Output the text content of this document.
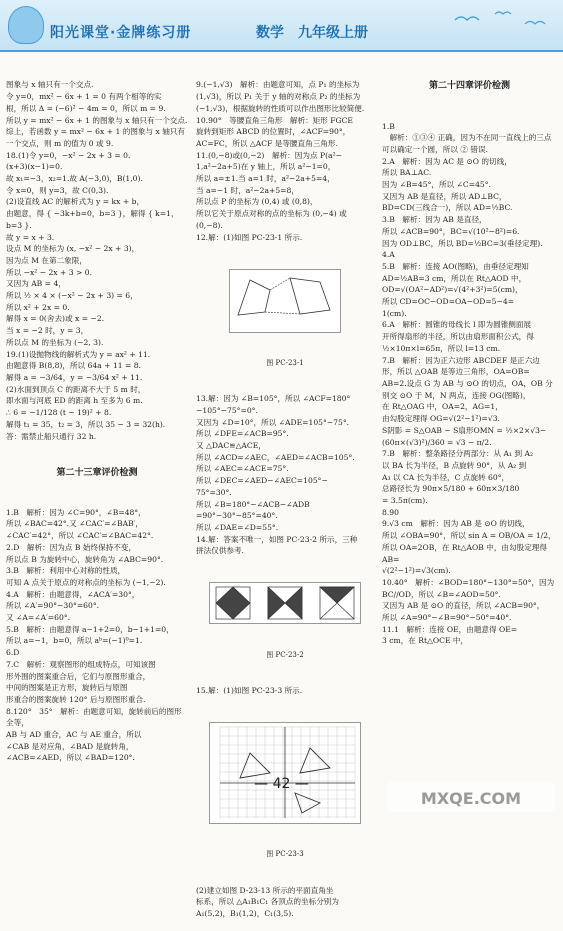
阳光课堂·金牌练习册	数学 九年级上册

图象与 x 轴只有一个交点.
令 y=0，mx² − 6x + 1 = 0 有两个相等的实
根，所以 Δ = (−6)² − 4m = 0，所以 m = 9.
所以 y = mx² − 6x + 1 的图象与 x 轴只有一个交点.
综上，若函数 y = mx² − 6x + 1 的图象与 x 轴只有
一个交点，则 m 的值为 0 或 9.
18.(1)令 y=0，−x² − 2x + 3 = 0.
(x+3)(x−1)=0.
故 x₁=−3，x₂=1.故 A(−3,0)，B(1,0).
令 x=0，则 y=3，故 C(0,3).
(2)设直线 AC 的解析式为 y = kx + b，
由题意，得 { −3k+b=0，b=3 }，解得 { k=1，b=3 }.
故 y = x + 3.
设点 M 的坐标为 (x, −x² − 2x + 3)，
因为点 M 在第二象限，
所以 −x² − 2x + 3 > 0.
又因为 AB = 4，
所以 ½ × 4 × (−x² − 2x + 3) = 6，
所以 x² + 2x = 0.
解得 x = 0(舍去)或 x = −2.
当 x = −2 时，y = 3，
所以点 M 的坐标为 (−2, 3).
19.(1)设抛物线的解析式为 y = ax² + 11.
由题意得 B(8,8)，所以 64a + 11 = 8.
解得 a = −3/64，y = −3/64 x² + 11.
(2)水面到顶点 C 的距离不大于 5 m 时，
即水面与河底 ED 的距离 h 至多为 6 m.
∴ 6 = −1/128 (t − 19)² + 8.
解得 t₁ = 35，t₂ = 3，所以 35 − 3 = 32(h).
答：需禁止船只通行 32 h.

第二十三章评价检测

1.B　解析：因为 ∠C=90°，∠B=48°，
所以 ∠BAC=42°.又 ∠CAC′=∠BAB′，
∠CAC′=42°，所以 ∠CAC′=∠BAC=42°.
2.D　解析：因为点 B 始终保持不变，
所以点 B 为旋转中心，旋转角为 ∠ABC=90°.
3.B　解析：利用中心对称的性质，
可知 A 点关于原点的对称点的坐标为 (−1,−2).
4.A　解析：由题意得，∠ACA′=30°，
所以 ∠A′=90°−30°=60°.
又 ∠A=∠A′=60°.
5.B　解析：由题意得 a−1+2=0，b−1+1=0，
所以 a=−1，b=0，所以 aᵇ=(−1)⁰=1.
6.D
7.C　解析：观察图形的组成特点，可知该图
形外围的图案重合后，它们与原图形重合，
中间的图案是正方形，旋转后与原图
形重合的图案旋转 120° 后与原图形重合.
8.120°　35°　解析：由题意可知，旋转前后的图形全等，
AB 与 AD 重合，AC 与 AE 重合，所以
∠CAB 是对应角，∠BAD 是旋转角，
∠ACB=∠AED，所以 ∠BAD=120°.

9.(−1,√3)　解析：由题意可知，点 P₁ 的坐标为
(1,√3)，所以 P₁ 关于 y 轴的对称点 P₂ 的坐标为
(−1,√3)，根据旋转的性质可以作出图形比较简便.
10.90°　等腰直角三角形　解析：矩形 FGCE
旋转到矩形 ABCD 的位置时，∠ACF=90°，
AC=FC，所以 △ACF 是等腰直角三角形.
11.(0,−8)或(0,−2)　解析：因为点 P(a²−
1,a²−2a+5)在 y 轴上，所以 a²−1=0，
所以 a=±1.当 a=1 时，a²−2a+5=4，
当 a=−1 时，a²−2a+5=8，
所以点 P 的坐标为 (0,4) 或 (0,8)，
所以它关于原点对称的点的坐标为 (0,−4) 或 (0,−8).
12.解：(1)如图 PC-23-1 所示.

图 PC-23-1

13.解：因为 ∠B=105°，所以 ∠ACF=180°
−105°−75°=0°.
又因为 ∠D=10°，所以 ∠ADE=105°−75°.
所以 ∠DFE=∠ACB=95°.
又 △DAC≌△ACE，
所以 ∠ACD=∠AEC，∠AED=∠ACB=105°.
所以 ∠AEC=∠ACE=75°.
所以 ∠DEC=∠AED−∠AEC=105°−
75°=30°.
所以 ∠B=180°−∠ACB−∠ADB
=90°−30°−85°=40°.
所以 ∠DAE=∠D=55°.
14.解：答案不唯一，如图 PC-23-2 所示，三种
拼法仅供参考.

图 PC-23-2

15.解：(1)如图 PC-23-3 所示.

图 PC-23-3

(2)建立如图 D-23-13 所示的平面直角坐
标系，所以 △A₁B₁C₁ 各顶点的坐标分别为
A₁(5,2)，B₁(1,2)，C₁(3,5).

第二十四章评价检测

1.B
　解析：①③④ 正确，因为不在同一直线上的三点
可以确定一个圆，所以 ② 错误.
2.A　解析：因为 AC 是 ⊙O 的切线，
所以 BA⊥AC.
因为 ∠B=45°，所以 ∠C=45°.
又因为 AB 是直径，所以 AD⊥BC，
BD=CD(三线合一)，所以 AD=½BC.
3.B　解析：因为 AB 是直径，
所以 ∠ACB=90°，BC=√(10²−8²)=6.
因为 OD⊥BC，所以 BD=½BC=3(垂径定理).
4.A
5.B　解析：连接 AO(图略)，由垂径定理知
AD=½AB=3 cm，所以在 Rt△AOD 中，
OD=√(OA²−AD²)=√(4²+3²)=5(cm)，
所以 CD=OC−OD=OA−OD=5−4=
1(cm).
6.A　解析：圆锥的母线长 l 即为圆锥侧面展
开所得扇形的半径，所以由扇形面积公式，得
½×10π×l=65π，所以 l=13 cm.
7.B　解析：因为正六边形 ABCDEF 是正六边
形，所以 △OAB 是等边三角形，OA=OB=
AB=2.设点 G 为 AB 与 ⊙O 的切点，OA，OB 分
别交 ⊙O 于 M，N 两点，连接 OG(图略)，
在 Rt△OAG 中，OA=2，AG=1，
由勾股定理得 OG=√(2²−1²)=√3.
S阴影 = S△OAB − S扇形OMN = ½×2×√3−
(60π×(√3)²)/360 = √3 − π/2.
7.B　解析：整条路径分两部分：从 A₁ 到 A₂
以 BA 长为半径，B 点旋转 90°，从 A₂ 到
A₃ 以 CA 长为半径，C 点旋转 60°，
总路径长为 90π×5/180 + 60π×3/180
= 3.5π(cm).
8.90
9.√3 cm　解析：因为 AB 是 ⊙O 的切线，
所以 ∠OBA=90°，所以 sin A = OB/OA = 1/2，
所以 OA=2OB，在 Rt△AOB 中，由勾股定理得 AB=
√(2²−1²)=√3(cm).
10.40°　解析：∠BOD=180°−130°=50°，因为
BC//OD，所以 ∠B=∠AOD=50°.
又因为 AB 是 ⊙O 的直径，所以 ∠ACB=90°，
所以 ∠A=90°−∠B=90°−50°=40°.
11.1　解析：连接 OE，由题意得 OE=
3 cm，在 Rt△OCE 中，

— 42 —
MXQE.COM
